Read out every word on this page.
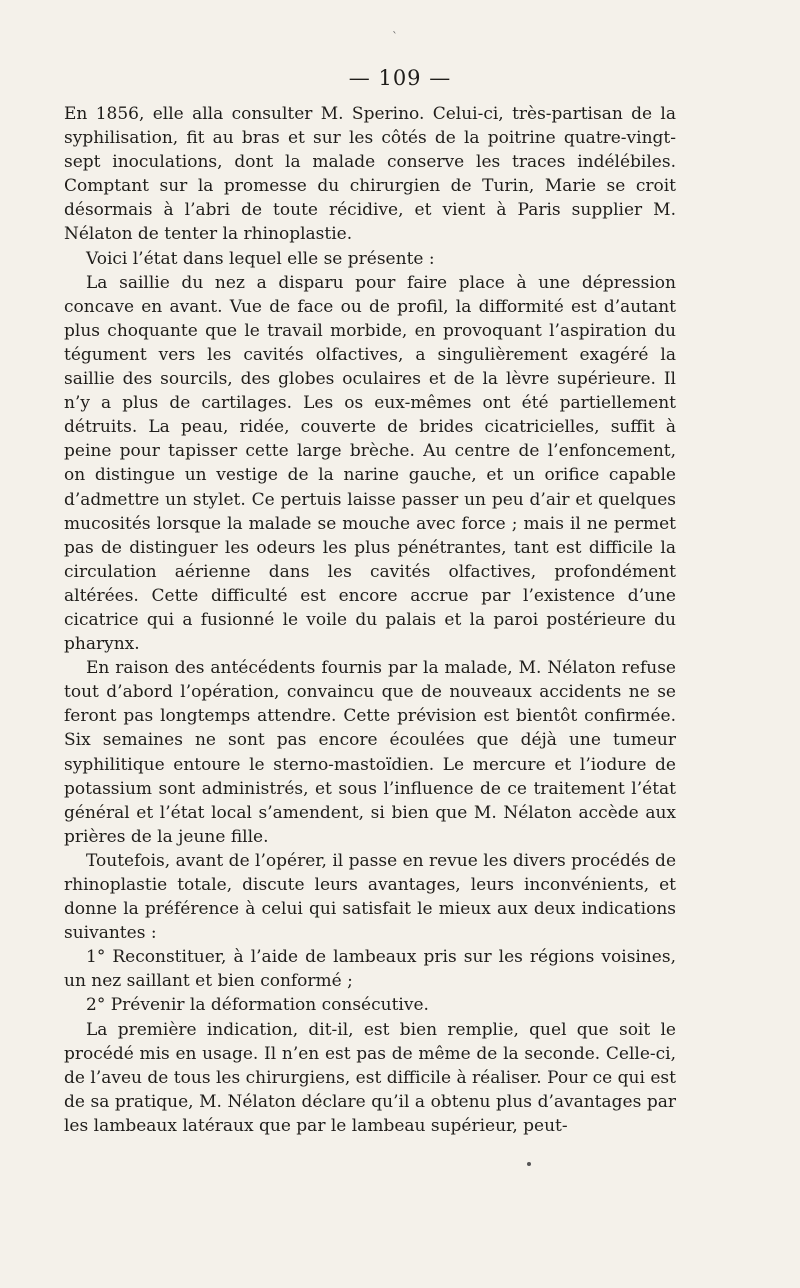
`
— 109 —

En 1856, elle alla consulter M. Sperino. Celui-ci, très-partisan de la syphilisation, fit au bras et sur les côtés de la poitrine quatre-vingt-sept inoculations, dont la malade conserve les traces indélébiles. Comptant sur la promesse du chirurgien de Turin, Marie se croit désormais à l’abri de toute récidive, et vient à Paris supplier M. Nélaton de tenter la rhinoplastie.

Voici l’état dans lequel elle se présente :

La saillie du nez a disparu pour faire place à une dépression concave en avant. Vue de face ou de profil, la difformité est d’autant plus choquante que le travail morbide, en provoquant l’aspiration du tégument vers les cavités olfactives, a singulièrement exagéré la saillie des sourcils, des globes oculaires et de la lèvre supérieure. Il n’y a plus de cartilages. Les os eux-mêmes ont été partiellement détruits. La peau, ridée, couverte de brides cicatricielles, suffit à peine pour tapisser cette large brèche. Au centre de l’enfoncement, on distingue un vestige de la narine gauche, et un orifice capable d’admettre un stylet. Ce pertuis laisse passer un peu d’air et quelques mucosités lorsque la malade se mouche avec force ; mais il ne permet pas de distinguer les odeurs les plus pénétrantes, tant est difficile la circulation aérienne dans les cavités olfactives, profondément altérées. Cette difficulté est encore accrue par l’existence d’une cicatrice qui a fusionné le voile du palais et la paroi postérieure du pharynx.

En raison des antécédents fournis par la malade, M. Nélaton refuse tout d’abord l’opération, convaincu que de nouveaux accidents ne se feront pas longtemps attendre. Cette prévision est bientôt confirmée. Six semaines ne sont pas encore écoulées que déjà une tumeur syphilitique entoure le sterno-mastoïdien. Le mercure et l’iodure de potassium sont administrés, et sous l’influence de ce traitement l’état général et l’état local s’amendent, si bien que M. Nélaton accède aux prières de la jeune fille.

Toutefois, avant de l’opérer, il passe en revue les divers procédés de rhinoplastie totale, discute leurs avantages, leurs inconvénients, et donne la préférence à celui qui satisfait le mieux aux deux indications suivantes :

1° Reconstituer, à l’aide de lambeaux pris sur les régions voisines, un nez saillant et bien conformé ;

2° Prévenir la déformation consécutive.

La première indication, dit-il, est bien remplie, quel que soit le procédé mis en usage. Il n’en est pas de même de la seconde. Celle-ci, de l’aveu de tous les chirurgiens, est difficile à réaliser. Pour ce qui est de sa pratique, M. Nélaton déclare qu’il a obtenu plus d’avantages par les lambeaux latéraux que par le lambeau supérieur, peut-
